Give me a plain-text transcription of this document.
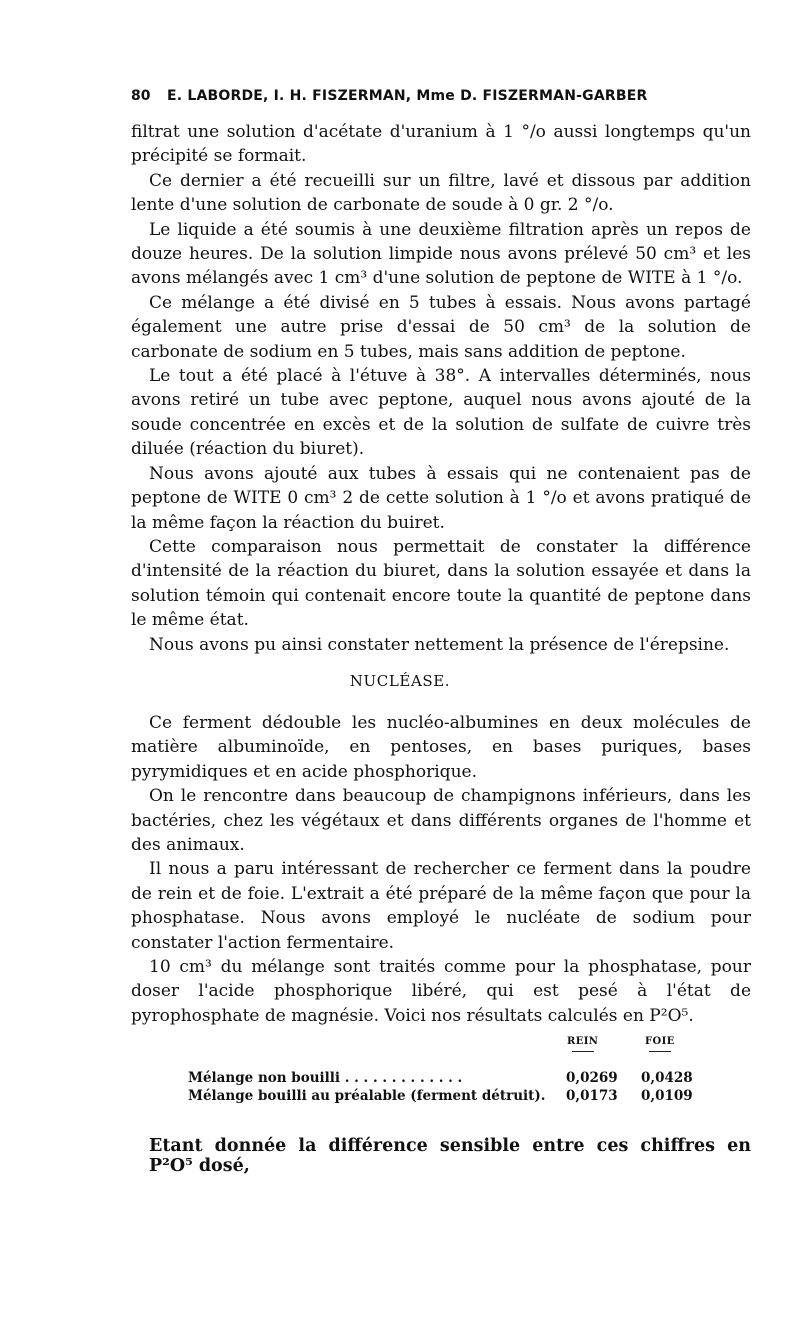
80 E. LABORDE, I. H. FISZERMAN, Mme D. FISZERMAN-GARBER

filtrat une solution d'acétate d'uranium à 1 °/o aussi longtemps qu'un précipité se formait.

Ce dernier a été recueilli sur un filtre, lavé et dissous par addition lente d'une solution de carbonate de soude à 0 gr. 2 °/o.

Le liquide a été soumis à une deuxième filtration après un repos de douze heures. De la solution limpide nous avons prélevé 50 cm³ et les avons mélangés avec 1 cm³ d'une solution de peptone de WITE à 1 °/o.

Ce mélange a été divisé en 5 tubes à essais. Nous avons partagé également une autre prise d'essai de 50 cm³ de la solution de carbonate de sodium en 5 tubes, mais sans addition de peptone.

Le tout a été placé à l'étuve à 38°. A intervalles déterminés, nous avons retiré un tube avec peptone, auquel nous avons ajouté de la soude concentrée en excès et de la solution de sulfate de cuivre très diluée (réaction du biuret).

Nous avons ajouté aux tubes à essais qui ne contenaient pas de peptone de WITE 0 cm³ 2 de cette solution à 1 °/o et avons pratiqué de la même façon la réaction du buiret.

Cette comparaison nous permettait de constater la différence d'intensité de la réaction du biuret, dans la solution essayée et dans la solution témoin qui contenait encore toute la quantité de peptone dans le même état.

Nous avons pu ainsi constater nettement la présence de l'érepsine.

NUCLÉASE.

Ce ferment dédouble les nucléo-albumines en deux molécules de matière albuminoïde, en pentoses, en bases puriques, bases pyrymidiques et en acide phosphorique.

On le rencontre dans beaucoup de champignons inférieurs, dans les bactéries, chez les végétaux et dans différents organes de l'homme et des animaux.

Il nous a paru intéressant de rechercher ce ferment dans la poudre de rein et de foie. L'extrait a été préparé de la même façon que pour la phosphatase. Nous avons employé le nucléate de sodium pour constater l'action fermentaire.

10 cm³ du mélange sont traités comme pour la phosphatase, pour doser l'acide phosphorique libéré, qui est pesé à l'état de pyrophosphate de magnésie. Voici nos résultats calculés en P²O⁵.

REIN	FOIE
Mélange non bouilli . . . . . . . . . . . . .	0,0269 0,0428
Mélange bouilli au préalable (ferment détruit). 0,0173 0,0109
Etant donnée la différence sensible entre ces chiffres en P²O⁵ dosé,
